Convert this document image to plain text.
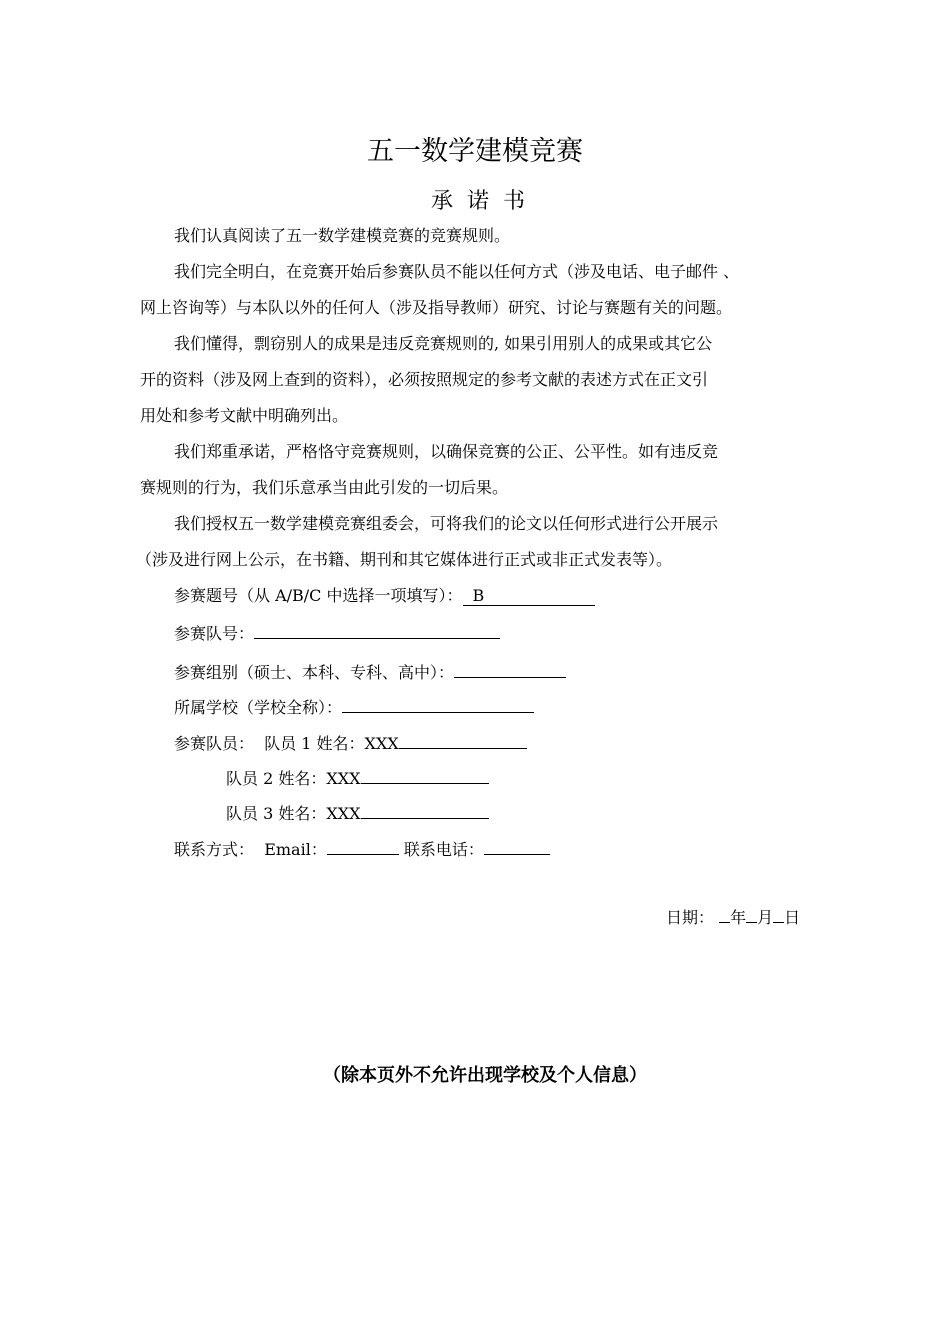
五一数学建模竞赛
承诺书
我们认真阅读了五一数学建模竞赛的竞赛规则。
我们完全明白，在竞赛开始后参赛队员不能以任何方式（涉及电话、电子邮件 、
网上咨询等）与本队以外的任何人（涉及指导教师）研究、讨论与赛题有关的问题。
我们懂得，剽窃别人的成果是违反竞赛规则的, 如果引用别人的成果或其它公
开的资料（涉及网上查到的资料），必须按照规定的参考文献的表述方式在正文引
用处和参考文献中明确列出。
我们郑重承诺，严格恪守竞赛规则，以确保竞赛的公正、公平性。如有违反竞
赛规则的行为，我们乐意承当由此引发的一切后果。
我们授权五一数学建模竞赛组委会，可将我们的论文以任何形式进行公开展示
（涉及进行网上公示，在书籍、期刊和其它媒体进行正式或非正式发表等）。
参赛题号（从 A/B/C 中选择一项填写）： B
参赛队号：
参赛组别（硕士、本科、专科、高中）：
所属学校（学校全称）：
参赛队员： 队员 1 姓名：XXX
队员 2 姓名：XXX
队员 3 姓名：XXX
联系方式： Email：	联系电话：
日期： 年 月 日
（除本页外不允许出现学校及个人信息）
